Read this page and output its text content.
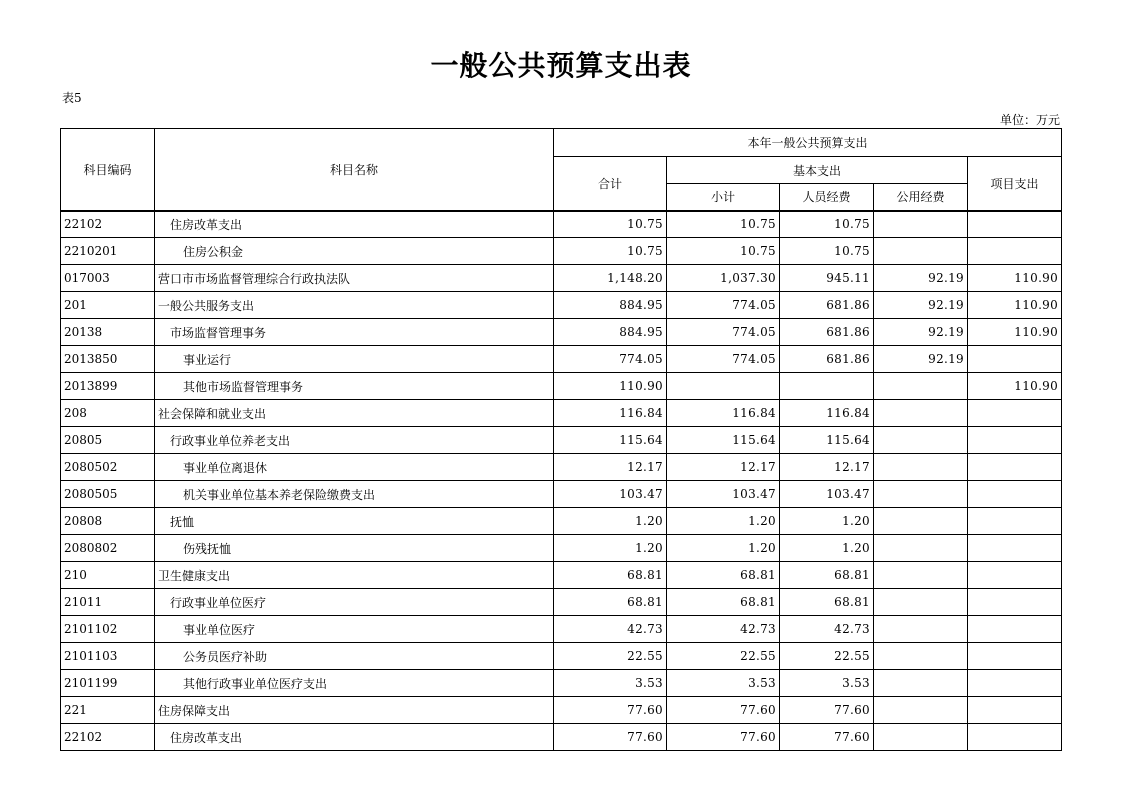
一般公共预算支出表
表5
单位：万元
科目编码	科目名称	本年一般公共预算支出				
		合计	基本支出			项目支出
			小计	人员经费	公用经费	
22102	住房改革支出	10.75	10.75	10.75		
2210201	住房公积金	10.75	10.75	10.75		
017003	营口市市场监督管理综合行政执法队	1,148.20	1,037.30	945.11	92.19	110.90
201	一般公共服务支出	884.95	774.05	681.86	92.19	110.90
20138	市场监督管理事务	884.95	774.05	681.86	92.19	110.90
2013850	事业运行	774.05	774.05	681.86	92.19	
2013899	其他市场监督管理事务	110.90				110.90
208	社会保障和就业支出	116.84	116.84	116.84		
20805	行政事业单位养老支出	115.64	115.64	115.64		
2080502	事业单位离退休	12.17	12.17	12.17		
2080505	机关事业单位基本养老保险缴费支出	103.47	103.47	103.47		
20808	抚恤	1.20	1.20	1.20		
2080802	伤残抚恤	1.20	1.20	1.20		
210	卫生健康支出	68.81	68.81	68.81		
21011	行政事业单位医疗	68.81	68.81	68.81		
2101102	事业单位医疗	42.73	42.73	42.73		
2101103	公务员医疗补助	22.55	22.55	22.55		
2101199	其他行政事业单位医疗支出	3.53	3.53	3.53		
221	住房保障支出	77.60	77.60	77.60		
22102	住房改革支出	77.60	77.60	77.60		
